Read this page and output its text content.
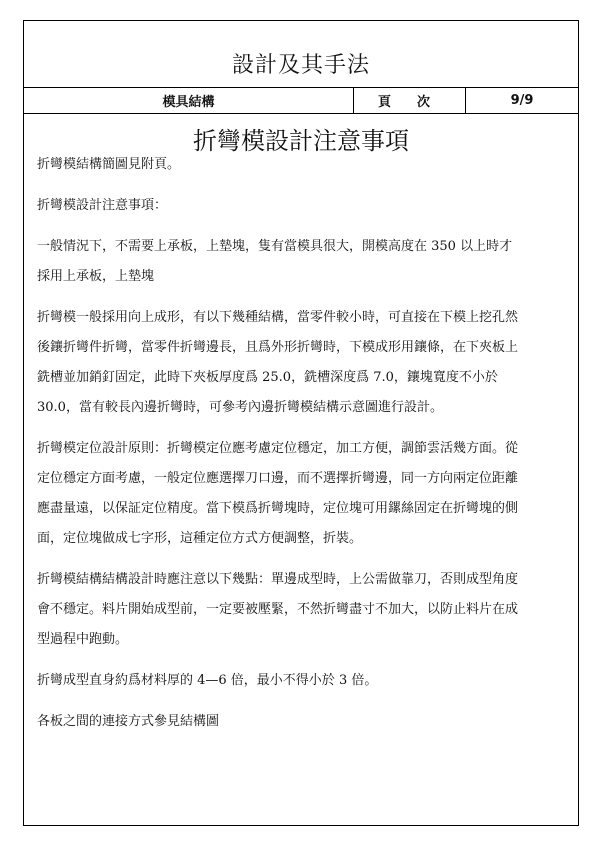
設計及其手法
模具結構	頁 次	9/9
折彎模設計注意事項

折彎模結構簡圖見附頁。

折彎模設計注意事項：

一般情況下，不需要上承板，上墊塊，隻有當模具很大，開模高度在 350 以上時才採用上承板，上墊塊

折彎模一般採用向上成形，有以下幾種結構，當零件較小時，可直接在下模上挖孔然後鑲折彎件折彎，當零件折彎邊長，且爲外形折彎時，下模成形用鑲條，在下夾板上銑槽並加銷釘固定，此時下夾板厚度爲 25.0，銑槽深度爲 7.0，鑲塊寬度不小於 30.0，當有較長內邊折彎時，可參考內邊折彎模結構示意圖進行設計。

折彎模定位設計原則：折彎模定位應考慮定位穩定，加工方便，調節雲活幾方面。從定位穩定方面考慮，一般定位應選擇刀口邊，而不選擇折彎邊，同一方向兩定位距離應盡量遠，以保証定位精度。當下模爲折彎塊時，定位塊可用鏍絲固定在折彎塊的側面，定位塊做成七字形，這種定位方式方便調整，折裝。

折彎模結構結構設計時應注意以下幾點：單邊成型時，上公需做靠刀，否則成型角度會不穩定。料片開始成型前，一定要被壓緊，不然折彎盡寸不加大，以防止料片在成型過程中跑動。

折彎成型直身約爲材料厚的 4—6 倍，最小不得小於 3 倍。

各板之間的連接方式參見結構圖
